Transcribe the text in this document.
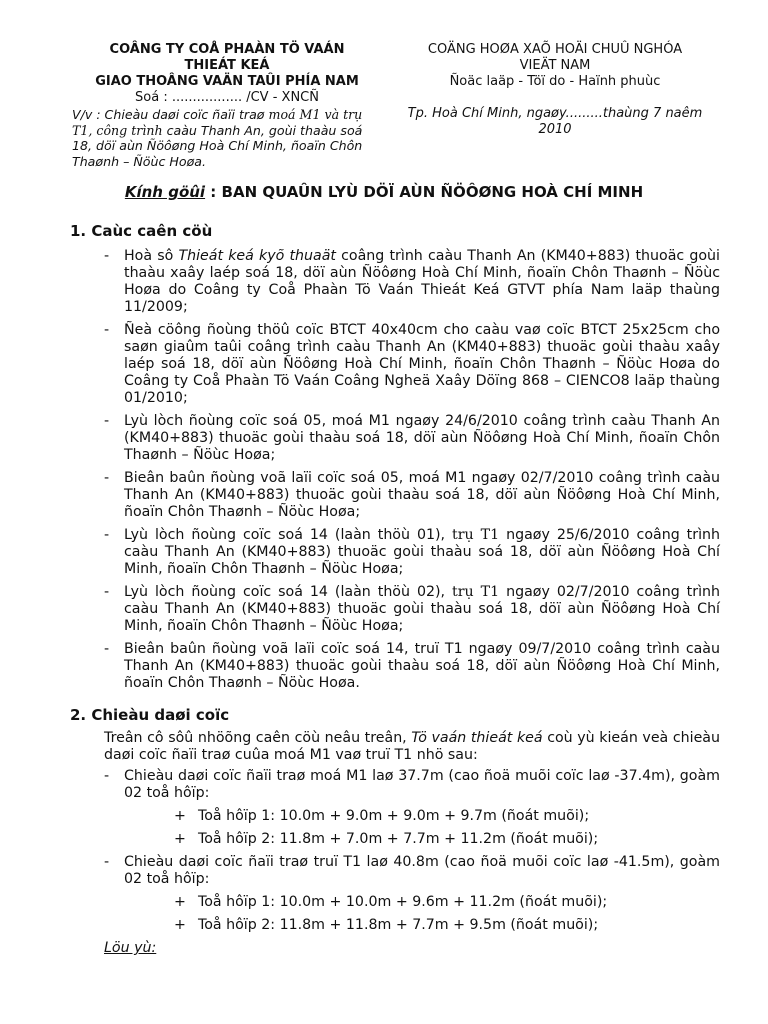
COÂNG TY COÅ PHAÀN TÖ VAÁN
THIEÁT KEÁ
GIAO THOÂNG VAÄN TAÛI PHÍA NAM
Soá : ................. /CV - XNCÑ
V/v : Chieàu daøi coïc ñaïi traø moá M1 và trụ T1, công trình caàu Thanh An, goùi thaàu soá 18, döï aùn Ñöôøng Hoà Chí Minh, ñoaïn Chôn Thaønh – Ñöùc Hoøa.
COÄNG HOØA XAÕ HOÄI CHUÛ NGHÓA
VIEÄT NAM
Ñoäc laäp - Töï do - Haïnh phuùc
Tp. Hoà Chí Minh, ngaøy.........thaùng 7 naêm 2010
Kính göûi : BAN QUAÛN LYÙ DÖÏ AÙN ÑÖÔØNG HOÀ CHÍ MINH
1. Caùc caên cöù
-	Hoà sô Thieát keá kyõ thuaät coâng trình caàu Thanh An (KM40+883) thuoäc goùi thaàu xaây laép soá 18, döï aùn Ñöôøng Hoà Chí Minh, ñoaïn Chôn Thaønh – Ñöùc Hoøa do Coâng ty Coå Phaàn Tö Vaán Thieát Keá GTVT phía Nam laäp thaùng 11/2009;
-	Ñeà cöông ñoùng thöû coïc BTCT 40x40cm cho caàu vaø coïc BTCT 25x25cm cho saøn giaûm taûi coâng trình caàu Thanh An (KM40+883) thuoäc goùi thaàu xaây laép soá 18, döï aùn Ñöôøng Hoà Chí Minh, ñoaïn Chôn Thaønh – Ñöùc Hoøa do Coâng ty Coå Phaàn Tö Vaán Coâng Ngheä Xaây Döïng 868 – CIENCO8 laäp thaùng 01/2010;
-	Lyù lòch ñoùng coïc soá 05, moá M1 ngaøy 24/6/2010 coâng trình caàu Thanh An (KM40+883) thuoäc goùi thaàu soá 18, döï aùn Ñöôøng Hoà Chí Minh, ñoaïn Chôn Thaønh – Ñöùc Hoøa;
-	Bieân baûn ñoùng voã laïi coïc soá 05, moá M1 ngaøy 02/7/2010 coâng trình caàu Thanh An (KM40+883) thuoäc goùi thaàu soá 18, döï aùn Ñöôøng Hoà Chí Minh, ñoaïn Chôn Thaønh – Ñöùc Hoøa;
-	Lyù lòch ñoùng coïc soá 14 (laàn thöù 01), trụ T1 ngaøy 25/6/2010 coâng trình caàu Thanh An (KM40+883) thuoäc goùi thaàu soá 18, döï aùn Ñöôøng Hoà Chí Minh, ñoaïn Chôn Thaønh – Ñöùc Hoøa;
-	Lyù lòch ñoùng coïc soá 14 (laàn thöù 02), trụ T1 ngaøy 02/7/2010 coâng trình caàu Thanh An (KM40+883) thuoäc goùi thaàu soá 18, döï aùn Ñöôøng Hoà Chí Minh, ñoaïn Chôn Thaønh – Ñöùc Hoøa;
-	Bieân baûn ñoùng voã laïi coïc soá 14, truï T1 ngaøy 09/7/2010 coâng trình caàu Thanh An (KM40+883) thuoäc goùi thaàu soá 18, döï aùn Ñöôøng Hoà Chí Minh, ñoaïn Chôn Thaønh – Ñöùc Hoøa.
2. Chieàu daøi coïc
Treân cô sôû nhöõng caên cöù neâu treân, Tö vaán thieát keá coù yù kieán veà chieàu daøi coïc ñaïi traø cuûa moá M1 vaø truï T1 nhö sau:
-	Chieàu daøi coïc ñaïi traø moá M1 laø 37.7m (cao ñoä muõi coïc laø -37.4m), goàm 02 toå hôïp:
+ Toå hôïp 1: 10.0m + 9.0m + 9.0m + 9.7m (ñoát muõi);
+ Toå hôïp 2: 11.8m + 7.0m + 7.7m + 11.2m (ñoát muõi);
-	Chieàu daøi coïc ñaïi traø truï T1 laø 40.8m (cao ñoä muõi coïc laø -41.5m), goàm 02 toå hôïp:
+ Toå hôïp 1: 10.0m + 10.0m + 9.6m + 11.2m (ñoát muõi);
+ Toå hôïp 2: 11.8m + 11.8m + 7.7m + 9.5m (ñoát muõi);
Löu yù:
